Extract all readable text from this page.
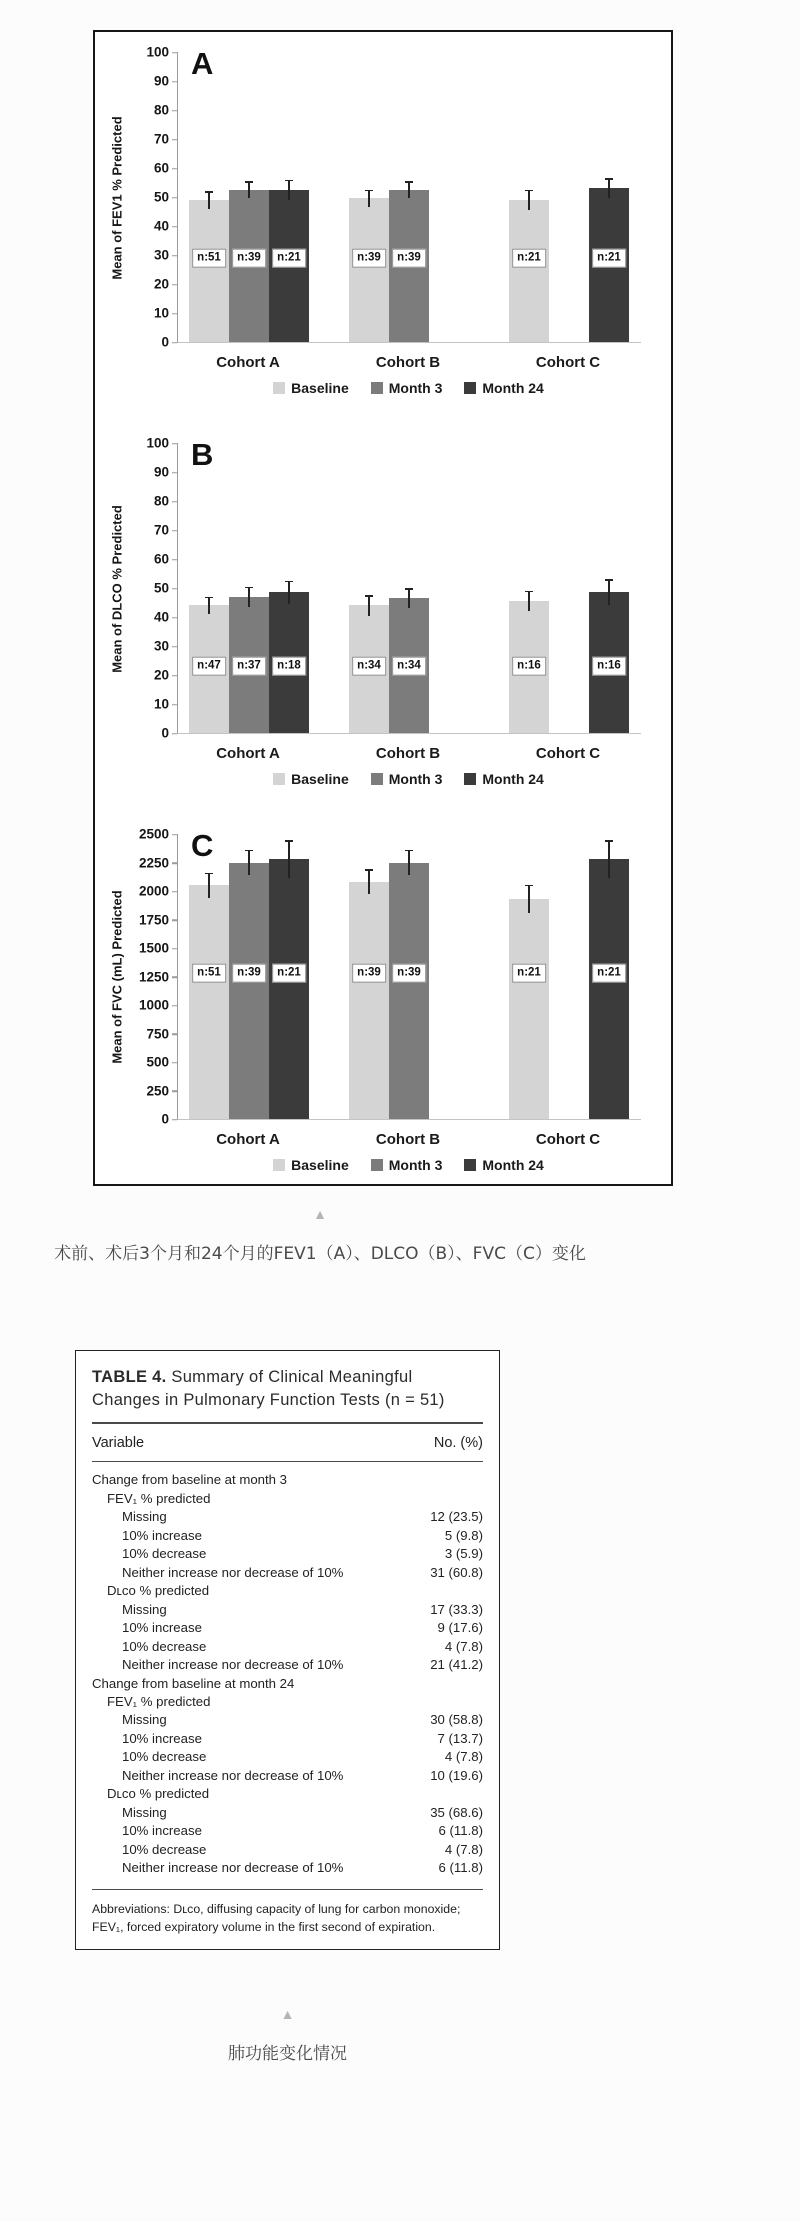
Mean of FEV1 % Predicted
0
10
20
30
40
50
60
70
80
90
100 A
n:51	n:39	n:21
n:39	n:39
n:21	n:21
Cohort A	Cohort B	Cohort C
Baseline	Month 3	Month 24
Mean of DLCO % Predicted
0
10
20
30
40
50
60
70
80
90
100 B
n:47	n:34	n:16
n:37	n:34
n:18	n:16
Cohort A	Cohort B	Cohort C
Baseline	Month 3	Month 24
Mean of FVC (mL) Predicted
0
250
500
750
1000
1250
1500
1750
2000
2250
2500 C
n:51	n:39	n:21
n:39	n:39
n:21	n:21
Cohort A	Cohort B	Cohort C
Baseline	Month 3	Month 24
▲
术前、术后3个月和24个月的FEV1（A）、DLCO（B）、FVC（C）变化
TABLE 4. Summary of Clinical Meaningful Changes in Pulmonary Function Tests (n = 51)
Variable	No. (%)
Change from baseline at month 3
FEV₁ % predicted
Missing	12 (23.5)
10% increase	5 (9.8)
10% decrease	3 (5.9)
Neither increase nor decrease of 10%	31 (60.8)
Dʟᴄᴏ % predicted
Missing	17 (33.3)
10% increase	9 (17.6)
10% decrease	4 (7.8)
Neither increase nor decrease of 10%	21 (41.2)
Change from baseline at month 24
FEV₁ % predicted
Missing	30 (58.8)
10% increase	7 (13.7)
10% decrease	4 (7.8)
Neither increase nor decrease of 10%	10 (19.6)
Dʟᴄᴏ % predicted
Missing	35 (68.6)
10% increase	6 (11.8)
10% decrease	4 (7.8)
Neither increase nor decrease of 10%	6 (11.8)
Abbreviations: Dʟᴄᴏ, diffusing capacity of lung for carbon monoxide; FEV₁, forced expiratory volume in the first second of expiration.
▲
肺功能变化情况
